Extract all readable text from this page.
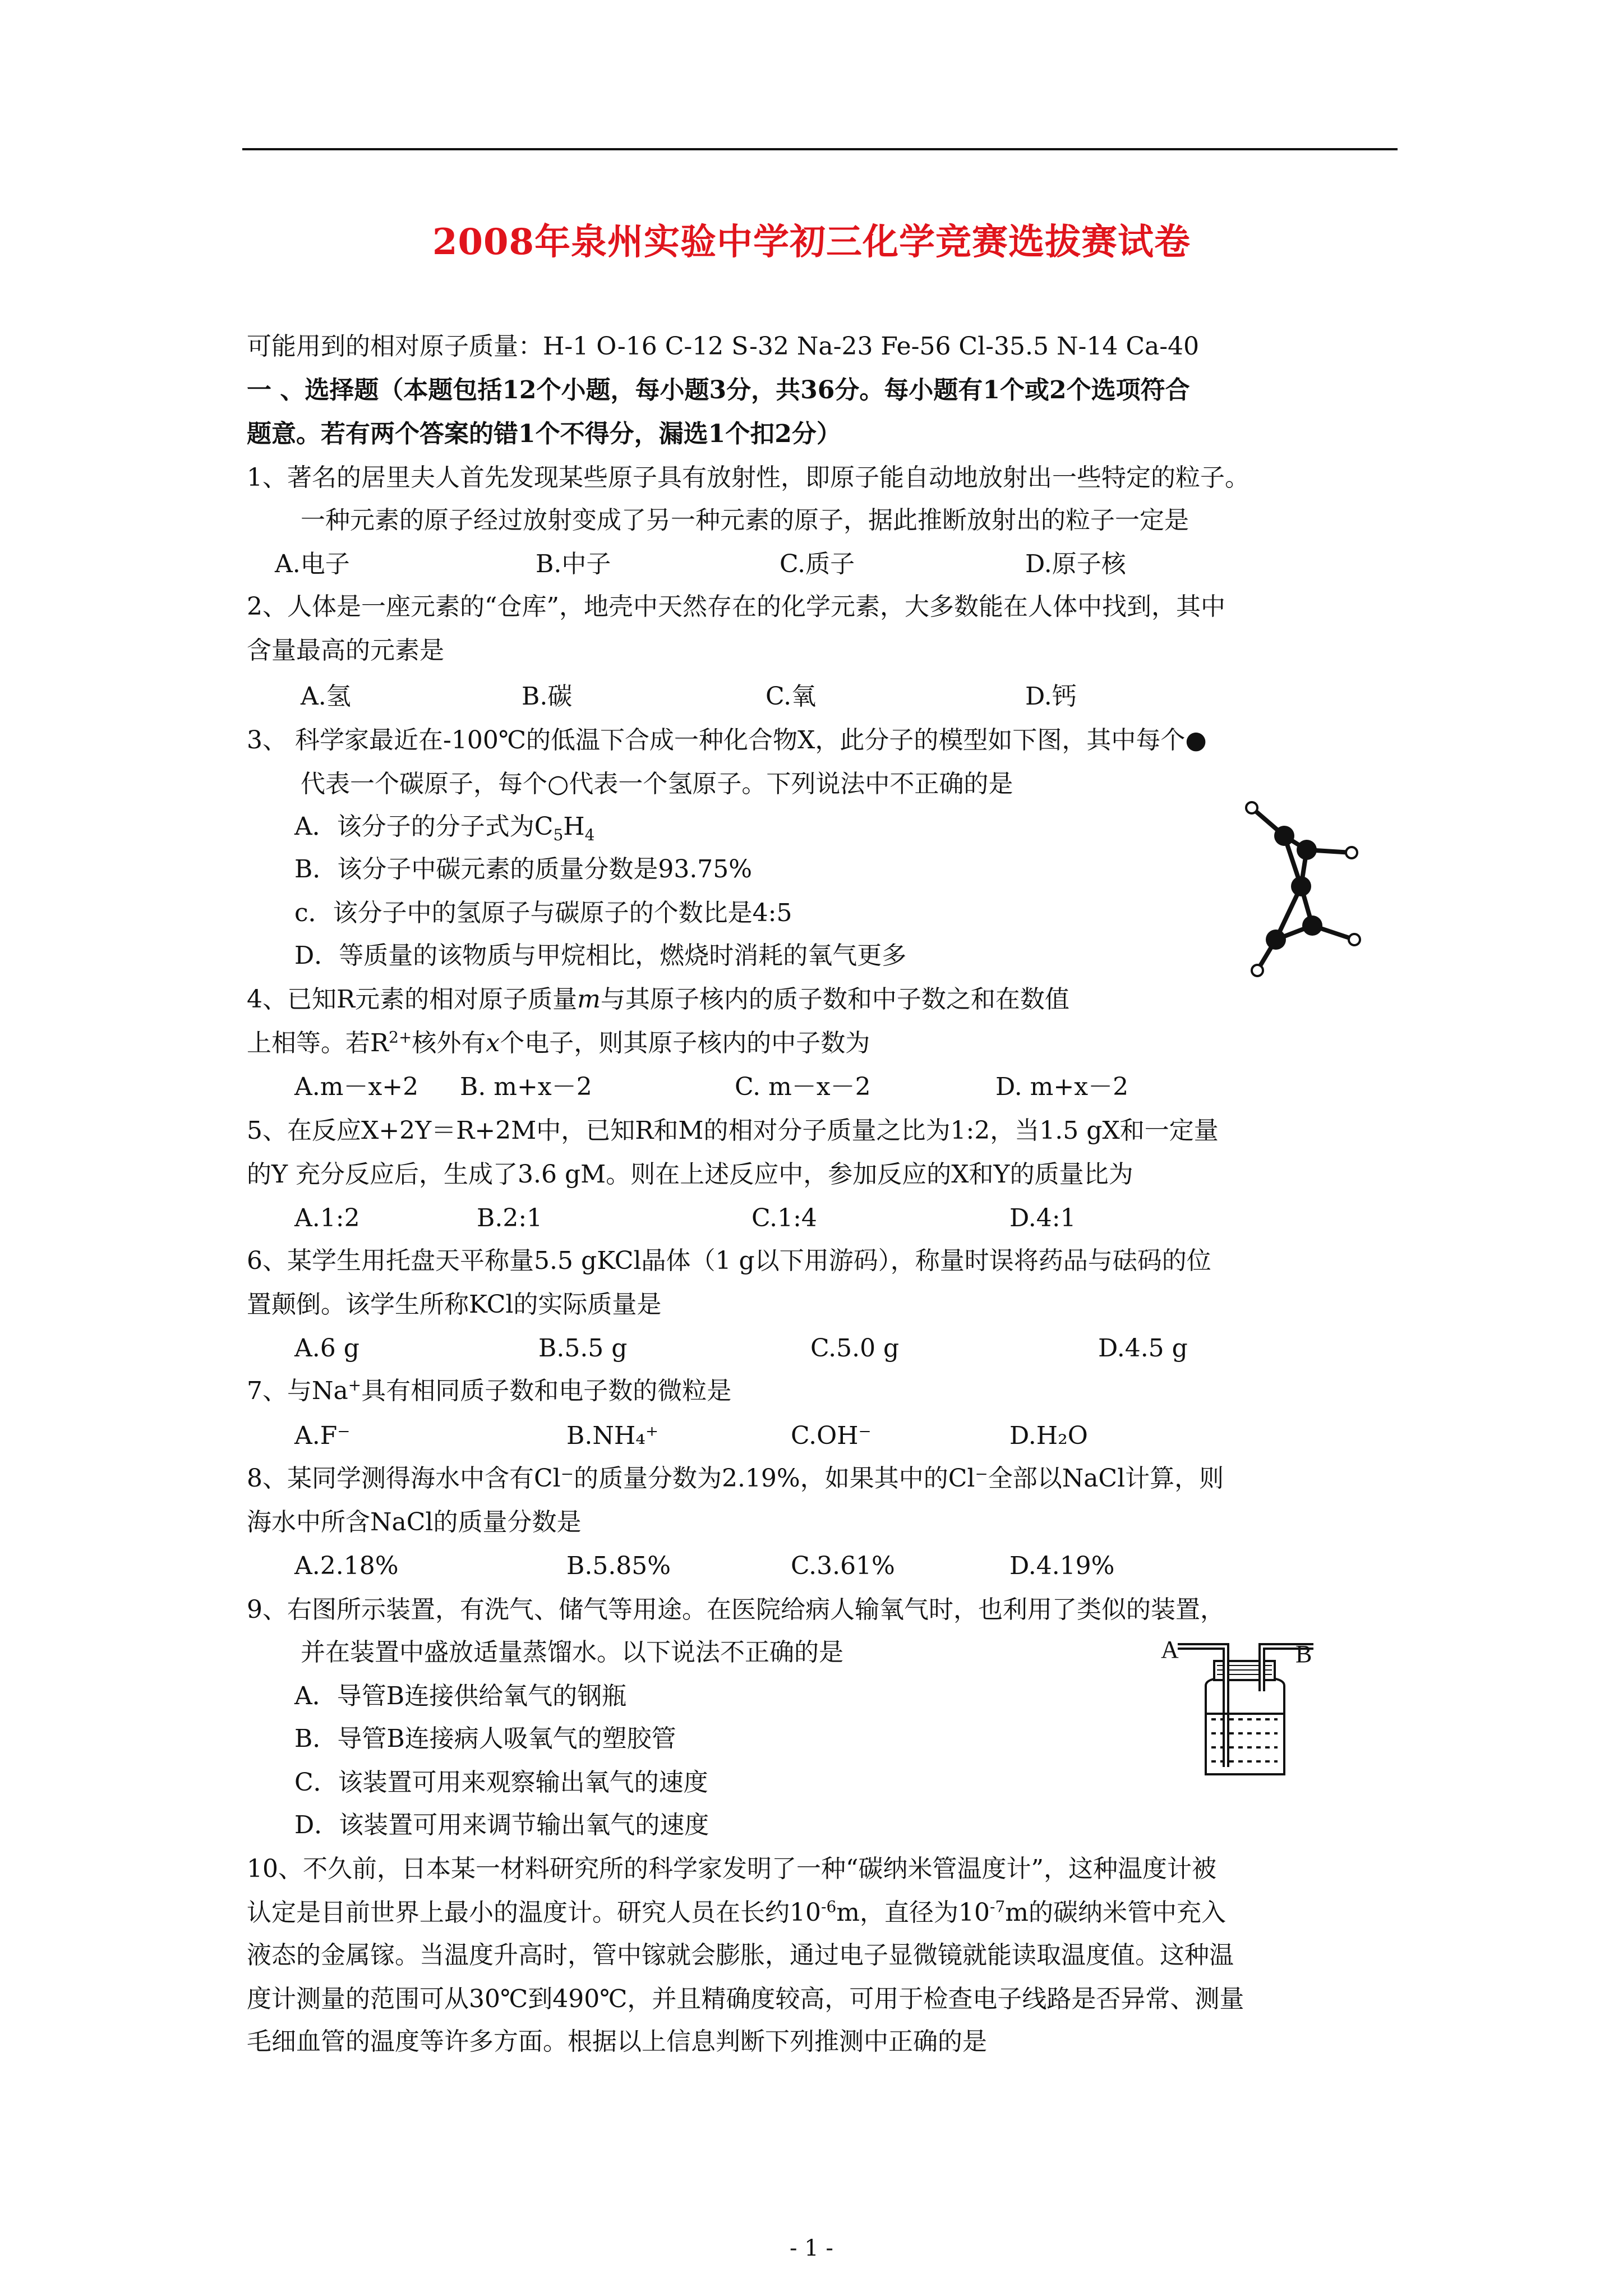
2008年泉州实验中学初三化学竞赛选拔赛试卷
可能用到的相对原子质量：H-1 O-16 C-12 S-32 Na-23 Fe-56 Cl-35.5 N-14 Ca-40
一 、选择题（本题包括12个小题，每小题3分，共36分。每小题有1个或2个选项符合
题意。若有两个答案的错1个不得分，漏选1个扣2分）
1、著名的居里夫人首先发现某些原子具有放射性，即原子能自动地放射出一些特定的粒子。
一种元素的原子经过放射变成了另一种元素的原子，据此推断放射出的粒子一定是
A.电子	B.中子	C.质子	D.原子核
2、人体是一座元素的“仓库”，地壳中天然存在的化学元素，大多数能在人体中找到，其中
含量最高的元素是
A.氢	B.碳	C.氧	D.钙
3、 科学家最近在-100℃的低温下合成一种化合物X，此分子的模型如下图，其中每个●
代表一个碳原子，每个○代表一个氢原子。下列说法中不正确的是
A．该分子的分子式为$C_5H_4$
B．该分子中碳元素的质量分数是93.75%
c．该分子中的氢原子与碳原子的个数比是4:5
D．等质量的该物质与甲烷相比，燃烧时消耗的氧气更多
4、已知R元素的相对原子质量m与其原子核内的质子数和中子数之和在数值
上相等。若$R^{2+}$核外有x个电子，则其原子核内的中子数为
A.m－x+2 B. m+x－2	C. m－x－2	D. m+x－2
5、在反应X+2Y＝R+2M中，已知R和M的相对分子质量之比为1:2，当1.5 gX和一定量
的Y 充分反应后，生成了3.6 gM。则在上述反应中，参加反应的X和Y的质量比为
A.1:2	B.2:1	C.1:4	D.4:1
6、某学生用托盘天平称量5.5 gKCl晶体（1 g以下用游码），称量时误将药品与砝码的位
置颠倒。该学生所称KCl的实际质量是
A.6 g	B.5.5 g	C.5.0 g	D.4.5 g
7、与Na+具有相同质子数和电子数的微粒是
A.F⁻	B.NH₄⁺	C.OH⁻	D.H₂O
8、某同学测得海水中含有Cl⁻的质量分数为2.19%，如果其中的Cl⁻全部以NaCl计算，则
海水中所含NaCl的质量分数是
A.2.18%	B.5.85%	C.3.61%	D.4.19%
9、右图所示装置，有洗气、储气等用途。在医院给病人输氧气时，也利用了类似的装置，
并在装置中盛放适量蒸馏水。以下说法不正确的是
A．导管B连接供给氧气的钢瓶
B．导管B连接病人吸氧气的塑胶管
C．该装置可用来观察输出氧气的速度
D．该装置可用来调节输出氧气的速度
A	B
10、不久前，日本某一材料研究所的科学家发明了一种“碳纳米管温度计”，这种温度计被
认定是目前世界上最小的温度计。研究人员在长约$10^{-6}m$，直径为$10^{-7}m$的碳纳米管中充入
液态的金属镓。当温度升高时，管中镓就会膨胀，通过电子显微镜就能读取温度值。这种温
度计测量的范围可从30℃到490℃，并且精确度较高，可用于检查电子线路是否异常、测量
毛细血管的温度等许多方面。根据以上信息判断下列推测中正确的是
- 1 -
